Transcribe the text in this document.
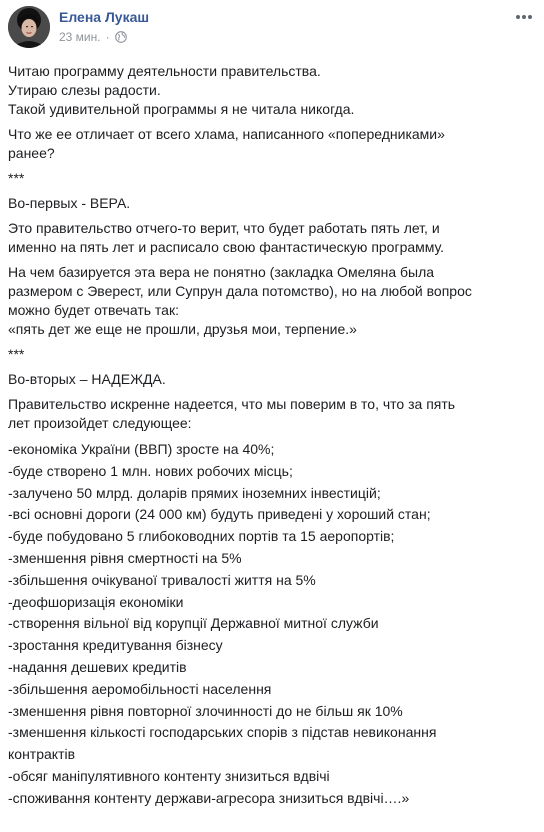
Елена Лукаш
23 мин. ·

Читаю программу деятельности правительства.
Утираю слезы радости.
Такой удивительной программы я не читала никогда.

Что же ее отличает от всего хлама, написанного «попередниками»
ранее?

***

Во-первых - ВЕРА.

Это правительство отчего-то верит, что будет работать пять лет, и
именно на пять лет и расписало свою фантастическую программу.

На чем базируется эта вера не понятно (закладка Омеляна была
размером с Эверест, или Супрун дала потомство), но на любой вопрос
можно будет отвечать так:
«пять дет же еще не прошли, друзья мои, терпение.»

***

Во-вторых – НАДЕЖДА.

Правительство искренне надеется, что мы поверим в то, что за пять
лет произойдет следующее:

-економіка України (ВВП) зросте на 40%;
-буде створено 1 млн. нових робочих місць;
-залучено 50 млрд. доларів прямих іноземних інвестицій;
-всі основні дороги (24 000 км) будуть приведені у хороший стан;
-буде побудовано 5 глибоководних портів та 15 аеропортів;
-зменшення рівня смертності на 5%
-збільшення очікуваної тривалості життя на 5%
-деофшоризація економіки
-створення вільної від корупції Державної митної служби
-зростання кредитування бізнесу
-надання дешевих кредитів
-збільшення аеромобільності населення
-зменшення рівня повторної злочинності до не більш як 10%
-зменшення кількості господарських спорів з підстав невиконання
контрактів
-обсяг маніпулятивного контенту знизиться вдвічі
-споживання контенту держави-агресора знизиться вдвічі….»
